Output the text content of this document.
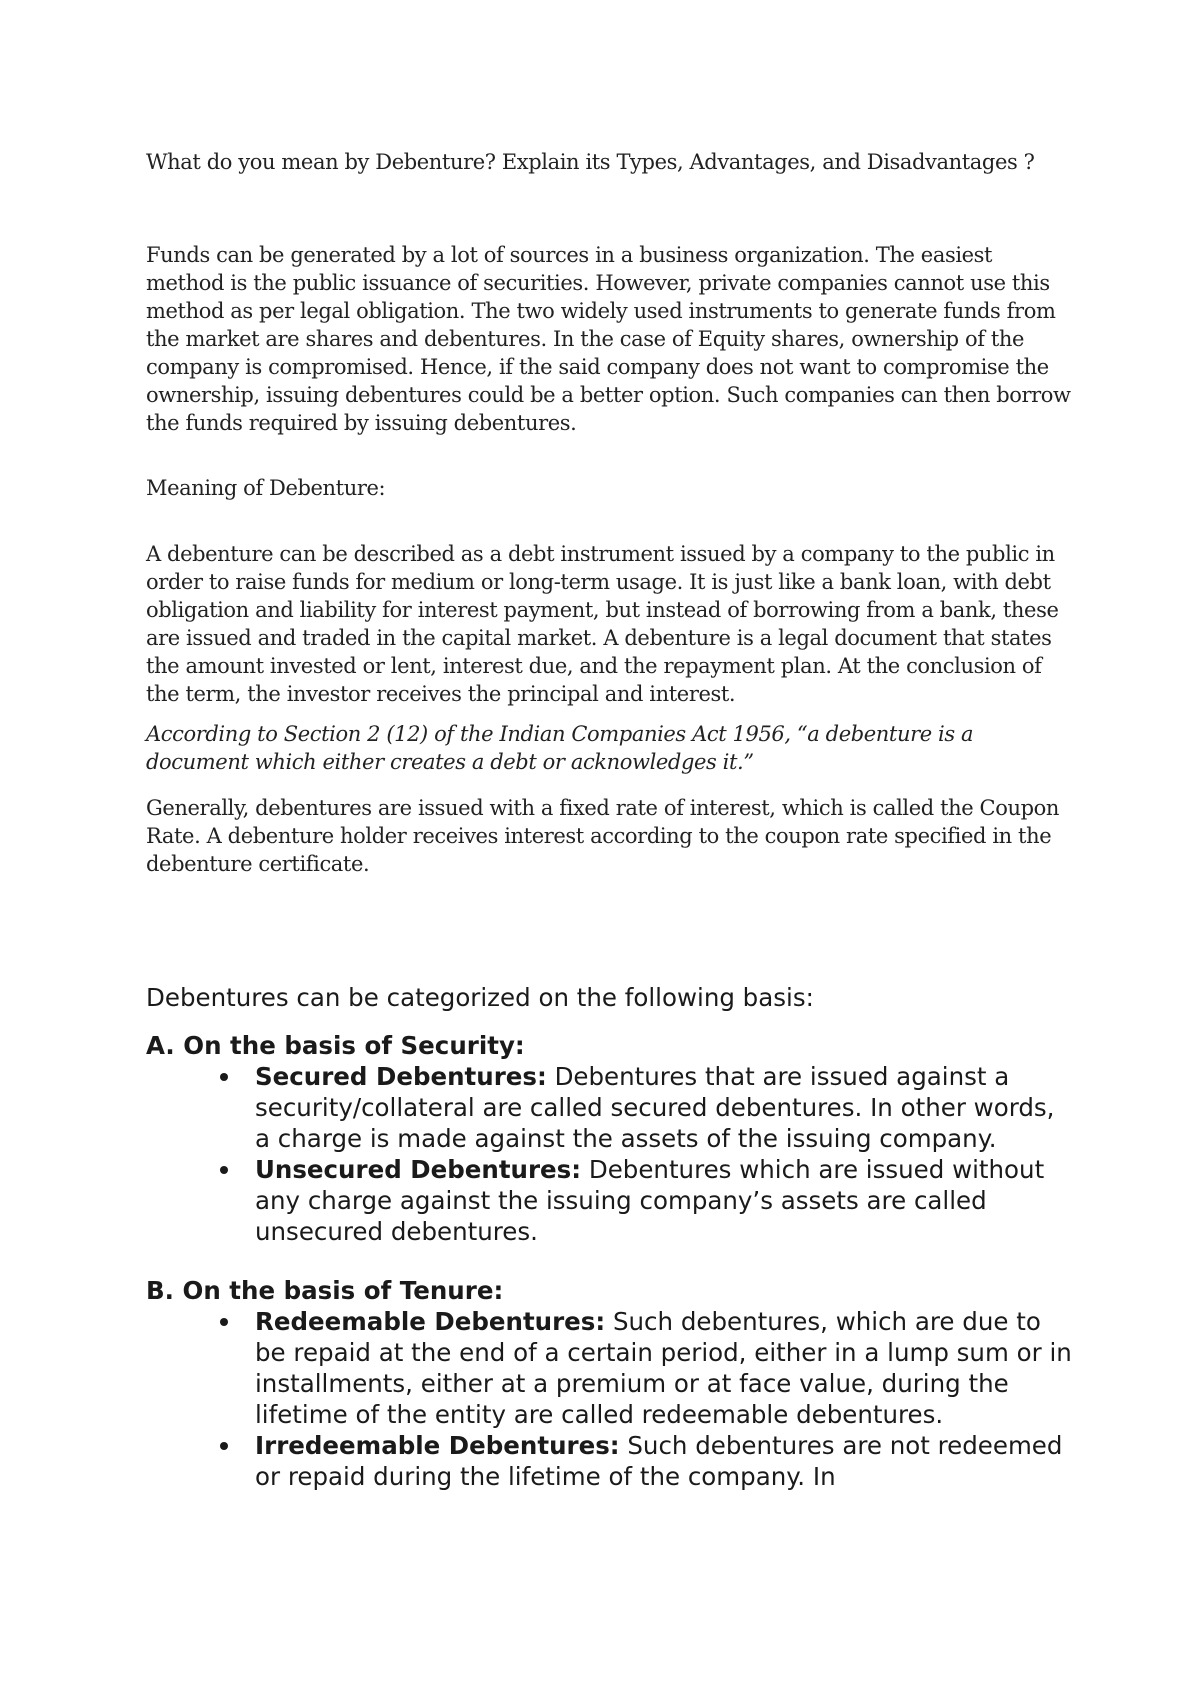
What do you mean by Debenture? Explain its Types, Advantages, and Disadvantages ?

Funds can be generated by a lot of sources in a business organization. The easiest method is the public issuance of securities. However, private companies cannot use this method as per legal obligation. The two widely used instruments to generate funds from the market are shares and debentures. In the case of Equity shares, ownership of the company is compromised. Hence, if the said company does not want to compromise the ownership, issuing debentures could be a better option. Such companies can then borrow the funds required by issuing debentures.

Meaning of Debenture:

A debenture can be described as a debt instrument issued by a company to the public in order to raise funds for medium or long-term usage. It is just like a bank loan, with debt obligation and liability for interest payment, but instead of borrowing from a bank, these are issued and traded in the capital market. A debenture is a legal document that states the amount invested or lent, interest due, and the repayment plan. At the conclusion of the term, the investor receives the principal and interest.

According to Section 2 (12) of the Indian Companies Act 1956, “a debenture is a document which either creates a debt or acknowledges it.”

Generally, debentures are issued with a fixed rate of interest, which is called the Coupon Rate. A debenture holder receives interest according to the coupon rate specified in the debenture certificate.

Debentures can be categorized on the following basis:

A. On the basis of Security:

Secured Debentures: Debentures that are issued against a security/collateral are called secured debentures. In other words, a charge is made against the assets of the issuing company.
Unsecured Debentures: Debentures which are issued without any charge against the issuing company’s assets are called unsecured debentures.

B. On the basis of Tenure:

Redeemable Debentures: Such debentures, which are due to be repaid at the end of a certain period, either in a lump sum or in installments, either at a premium or at face value, during the lifetime of the entity are called redeemable debentures.
Irredeemable Debentures: Such debentures are not redeemed or repaid during the lifetime of the company. In
